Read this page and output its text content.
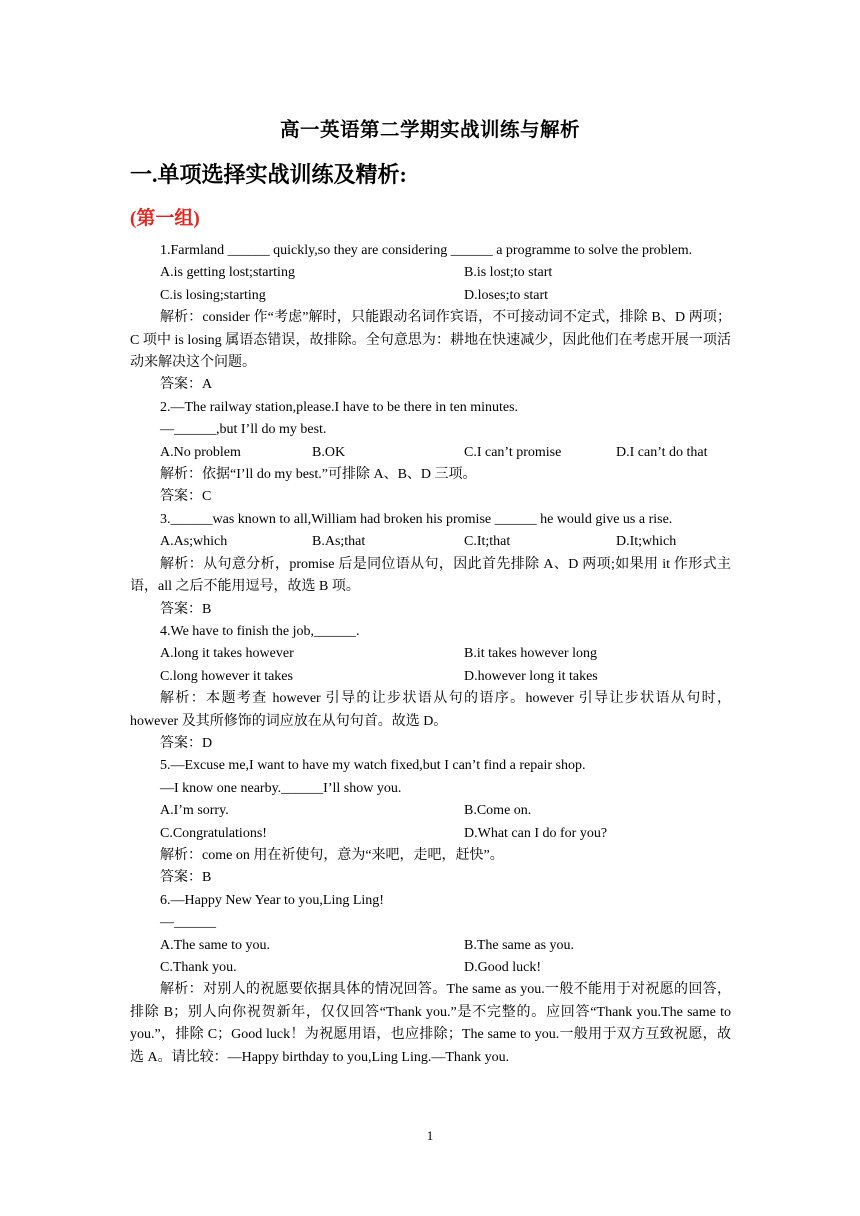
高一英语第二学期实战训练与解析
一.单项选择实战训练及精析:
(第一组)
1.Farmland ______ quickly,so they are considering ______ a programme to solve the problem.
A.is getting lost;starting	B.is lost;to start
C.is losing;starting	D.loses;to start
解析：consider 作“考虑”解时，只能跟动名词作宾语，不可接动词不定式，排除 B、D 两项；C 项中 is losing 属语态错误，故排除。全句意思为：耕地在快速减少，因此他们在考虑开展一项活动来解决这个问题。
答案：A
2.—The railway station,please.I have to be there in ten minutes.
—______,but I’ll do my best.
A.No problem	B.OK	C.I can’t promise	D.I can’t do that
解析：依据“I’ll do my best.”可排除 A、B、D 三项。
答案：C
3.______was known to all,William had broken his promise ______ he would give us a rise.
A.As;which	B.As;that	C.It;that	D.It;which
解析：从句意分析，promise 后是同位语从句，因此首先排除 A、D 两项;如果用 it 作形式主语，all 之后不能用逗号，故选 B 项。
答案：B
4.We have to finish the job,______.
A.long it takes however	B.it takes however long
C.long however it takes	D.however long it takes
解析：本题考查 however 引导的让步状语从句的语序。however 引导让步状语从句时，however 及其所修饰的词应放在从句句首。故选 D。
答案：D
5.—Excuse me,I want to have my watch fixed,but I can’t find a repair shop.
—I know one nearby.______I’ll show you.
A.I’m sorry.	B.Come on.
C.Congratulations!	D.What can I do for you?
解析：come on 用在祈使句，意为“来吧，走吧，赶快”。
答案：B
6.—Happy New Year to you,Ling Ling!
—______
A.The same to you.	B.The same as you.
C.Thank you.	D.Good luck!
解析：对别人的祝愿要依据具体的情况回答。The same as you.一般不能用于对祝愿的回答，排除 B；别人向你祝贺新年，仅仅回答“Thank you.”是不完整的。应回答“Thank you.The same to you.”，排除 C；Good luck！为祝愿用语，也应排除；The same to you.一般用于双方互致祝愿，故选 A。请比较：—Happy birthday to you,Ling Ling.—Thank you.
1
